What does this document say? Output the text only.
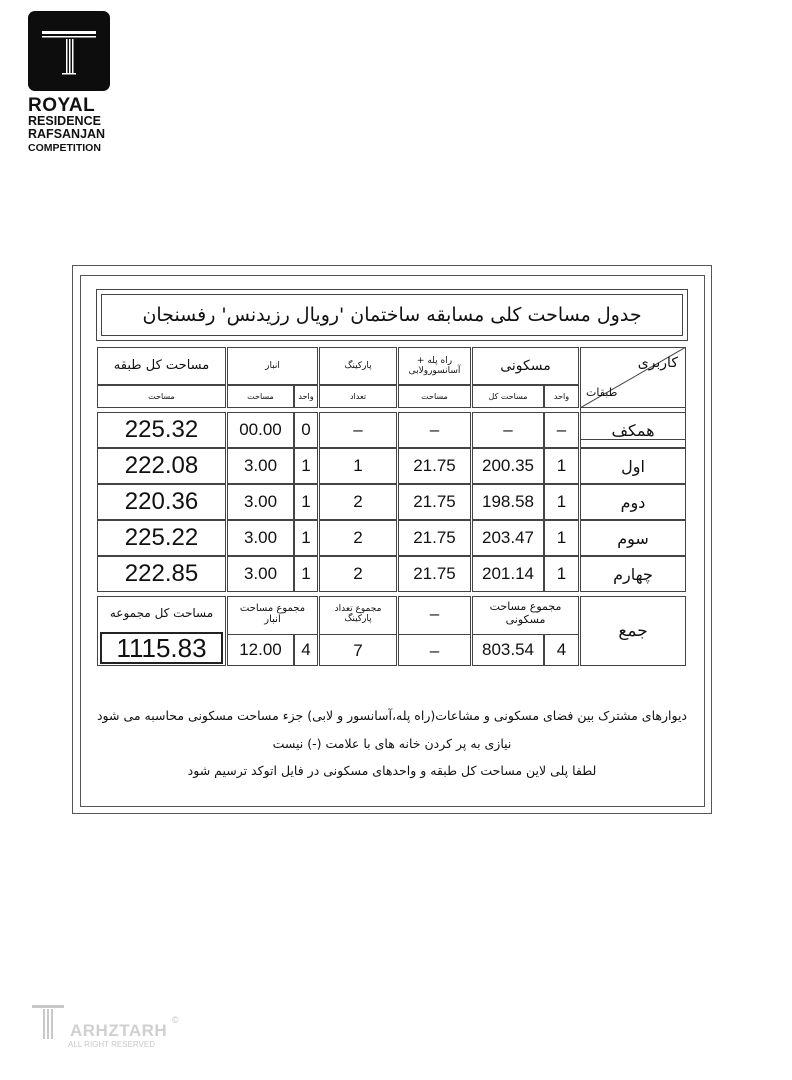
ROYAL
RESIDENCE
RAFSANJAN
COMPETITION
جدول مساحت کلی مسابقه ساختمان 'رویال رزیدنس' رفسنجان
کاربری
طبقات
مسکونی
واحد
مساحت کل
راه پله + آسانسورولابی
مساحت
پارکینگ
تعداد
انبار
واحد
مساحت
مساحت کل طبقه
مساحت
همکف
–
–
–
–
0
00.00
225.32
اول
1
200.35
21.75
1
1
3.00
222.08
دوم
1
198.58
21.75
2
1
3.00
220.36
سوم
1
203.47
21.75
2
1
3.00
225.22
چهارم
1
201.14
21.75
2
1
3.00
222.85
جمع
مجموع مساحت مسکونی
4
803.54
–
–
مجموع تعداد پارکینگ
7
مجموع مساحت انبار
4
12.00
مساحت کل مجموعه
1115.83
دیوارهای مشترک بین فضای مسکونی و مشاعات(راه پله،آسانسور و لابی) جزء مساحت مسکونی محاسبه می شود
نیازی به پر کردن خانه های با علامت (-) نیست
لطفا پلی لاین مساحت کل طبقه و واحدهای مسکونی در فایل اتوکد ترسیم شود
ARHZTARH
ALL RIGHT RESERVED
©
